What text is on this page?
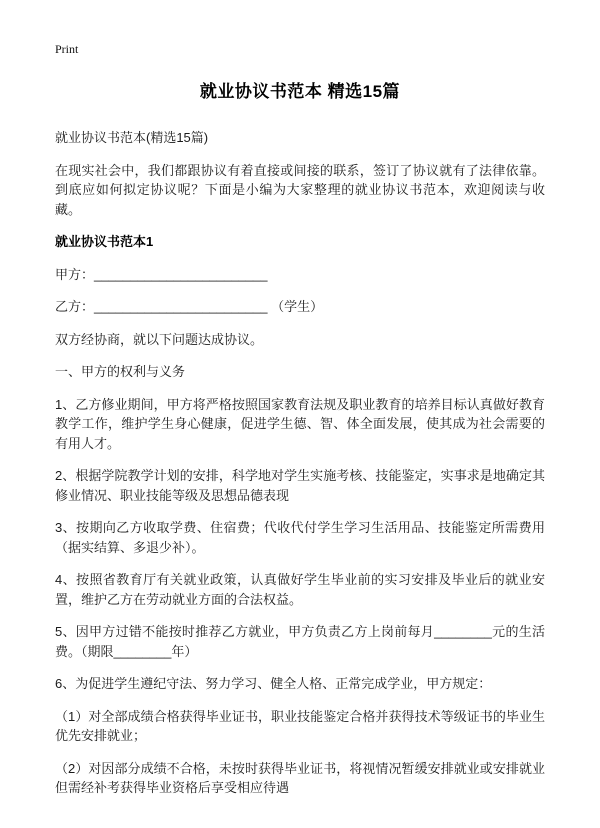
Print
就业协议书范本 精选15篇

就业协议书范本(精选15篇)

在现实社会中，我们都跟协议有着直接或间接的联系，签订了协议就有了法律依靠。到底应如何拟定协议呢？下面是小编为大家整理的就业协议书范本，欢迎阅读与收藏。

就业协议书范本1

甲方：________________________

乙方：________________________ （学生）

双方经协商，就以下问题达成协议。

一、甲方的权利与义务

1、乙方修业期间，甲方将严格按照国家教育法规及职业教育的培养目标认真做好教育教学工作，维护学生身心健康，促进学生德、智、体全面发展，使其成为社会需要的有用人才。

2、根据学院教学计划的安排，科学地对学生实施考核、技能鉴定，实事求是地确定其修业情况、职业技能等级及思想品德表现

3、按期向乙方收取学费、住宿费；代收代付学生学习生活用品、技能鉴定所需费用（据实结算、多退少补）。

4、按照省教育厅有关就业政策，认真做好学生毕业前的实习安排及毕业后的就业安置，维护乙方在劳动就业方面的合法权益。

5、因甲方过错不能按时推荐乙方就业，甲方负责乙方上岗前每月________元的生活费。（期限________年）

6、为促进学生遵纪守法、努力学习、健全人格、正常完成学业，甲方规定：

（1）对全部成绩合格获得毕业证书，职业技能鉴定合格并获得技术等级证书的毕业生优先安排就业；

（2）对因部分成绩不合格，未按时获得毕业证书，将视情况暂缓安排就业或安排就业但需经补考获得毕业资格后享受相应待遇
